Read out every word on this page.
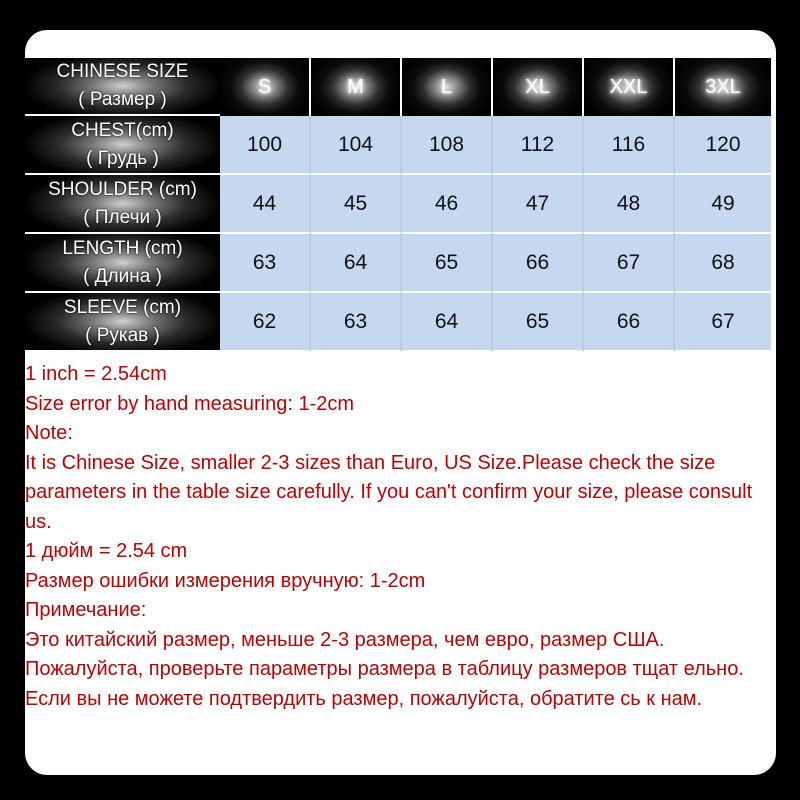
CHINESE SIZE
( Размер )	S	M	L	XL	XXL	3XL
CHEST(cm)
( Грудь )	100	104	108	112	116	120
SHOULDER (cm)
( Плечи )	44	45	46	47	48	49
LENGTH (cm)
( Длина )	63	64	65	66	67	68
SLEEVE (cm)
( Рукав )	62	63	64	65	66	67

1 inch = 2.54cm

Size error by hand measuring: 1-2cm

Note:

It is Chinese Size, smaller 2-3 sizes than Euro, US Size.Please check the size parameters in the table size carefully. If you can't confirm your size, please consult us.

1 дюйм = 2.54 cm

Размер ошибки измерения вручную: 1-2cm

Примечание:

Это китайский размер, меньше 2-3 размера, чем евро, размер США. Пожалуйста, проверьте параметры размера в таблицу размеров тщат ельно. Если вы не можете подтвердить размер, пожалуйста, обратите сь к нам.
